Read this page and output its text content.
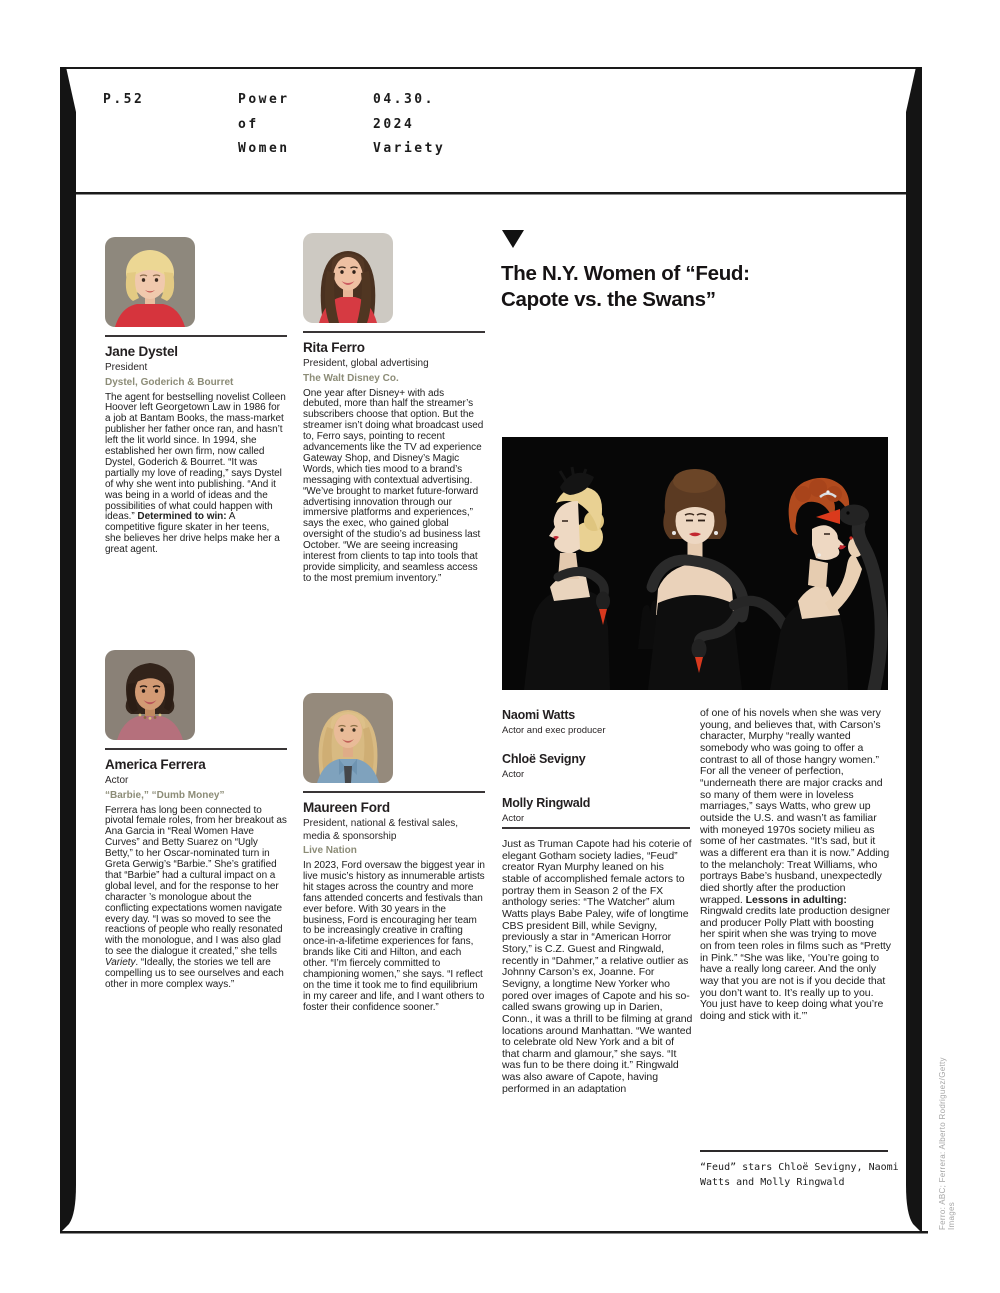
P.52	Power
of
Women
04.30.
2024
Variety
Jane Dystel
President
Dystel, Goderich & Bourret
The agent for bestselling novelist Colleen Hoover left Georgetown Law in 1986 for a job at Bantam Books, the mass-market publisher her father once ran, and hasn’t left the lit world since. In 1994, she established her own firm, now called Dystel, Goderich & Bourret. “It was partially my love of reading,” says Dystel of why she went into publishing. “And it was being in a world of ideas and the possibilities of what could happen with ideas.” Determined to win: A competitive figure skater in her teens, she believes her drive helps make her a great agent.
Rita Ferro
President, global advertising
The Walt Disney Co.
One year after Disney+ with ads debuted, more than half the streamer’s subscribers choose that option. But the streamer isn’t doing what broadcast used to, Ferro says, pointing to recent advancements like the TV ad experience Gateway Shop, and Disney’s Magic Words, which ties mood to a brand’s messaging with contextual advertising. “We’ve brought to market future-forward advertising innovation through our immersive platforms and experiences,” says the exec, who gained global oversight of the studio’s ad business last October. “We are seeing increasing interest from clients to tap into tools that provide simplicity, and seamless access to the most premium inventory.”
America Ferrera
Actor
“Barbie,” “Dumb Money”
Ferrera has long been connected to pivotal female roles, from her breakout as Ana Garcia in “Real Women Have Curves” and Betty Suarez on “Ugly Betty,” to her Oscar-nominated turn in Greta Gerwig’s “Barbie.” She’s gratified that “Barbie” had a cultural impact on a global level, and for the response to her character ’s monologue about the conflicting expectations women navigate every day. “I was so moved to see the reactions of people who really resonated with the monologue, and I was also glad to see the dialogue it created,” she tells Variety. “Ideally, the stories we tell are compelling us to see ourselves and each other in more complex ways.”
Maureen Ford
President, national & festival sales, media & sponsorship
Live Nation
In 2023, Ford oversaw the biggest year in live music’s history as innumerable artists hit stages across the country and more fans attended concerts and festivals than ever before. With 30 years in the business, Ford is encouraging her team to be increasingly creative in crafting once-in-a-lifetime experiences for fans, brands like Citi and Hilton, and each other. “I’m fiercely committed to championing women,” she says. “I reflect on the time it took me to find equilibrium in my career and life, and I want others to foster their confidence sooner.”
The N.Y. Women of “Feud:
Capote vs. the Swans”
Naomi Watts
Actor and exec producer
Chloë Sevigny
Actor
Molly Ringwald
Actor
Just as Truman Capote had his coterie of elegant Gotham society ladies, “Feud” creator Ryan Murphy leaned on his stable of accomplished female actors to portray them in Season 2 of the FX anthology series: “The Watcher” alum Watts plays Babe Paley, wife of longtime CBS president Bill, while Sevigny, previously a star in “American Horror Story,” is C.Z. Guest and Ringwald, recently in “Dahmer,” a relative outlier as Johnny Carson’s ex, Joanne. For Sevigny, a longtime New Yorker who pored over images of Capote and his so-called swans growing up in Darien, Conn., it was a thrill to be filming at grand locations around Manhattan. “We wanted to celebrate old New York and a bit of that charm and glamour,” she says. “It was fun to be there doing it.” Ringwald was also aware of Capote, having performed in an adaptation
of one of his novels when she was very young, and believes that, with Carson’s character, Murphy “really wanted somebody who was going to offer a contrast to all of those hangry women.” For all the veneer of perfection, “underneath there are major cracks and so many of them were in loveless marriages,” says Watts, who grew up outside the U.S. and wasn’t as familiar with moneyed 1970s society milieu as some of her castmates. “It’s sad, but it was a different era than it is now.” Adding to the melancholy: Treat Williams, who portrays Babe’s husband, unexpectedly died shortly after the production wrapped. Lessons in adulting: Ringwald credits late production designer and producer Polly Platt with boosting her spirit when she was trying to move on from teen roles in films such as “Pretty in Pink.” “She was like, ‘You’re going to have a really long career. And the only way that you are not is if you decide that you don’t want to. It’s really up to you. You just have to keep doing what you’re doing and stick with it.’”
“Feud” stars Chloë Sevigny, Naomi Watts and Molly Ringwald	Ferro: ABC; Ferrera: Alberto Rodriguez/Getty Images
